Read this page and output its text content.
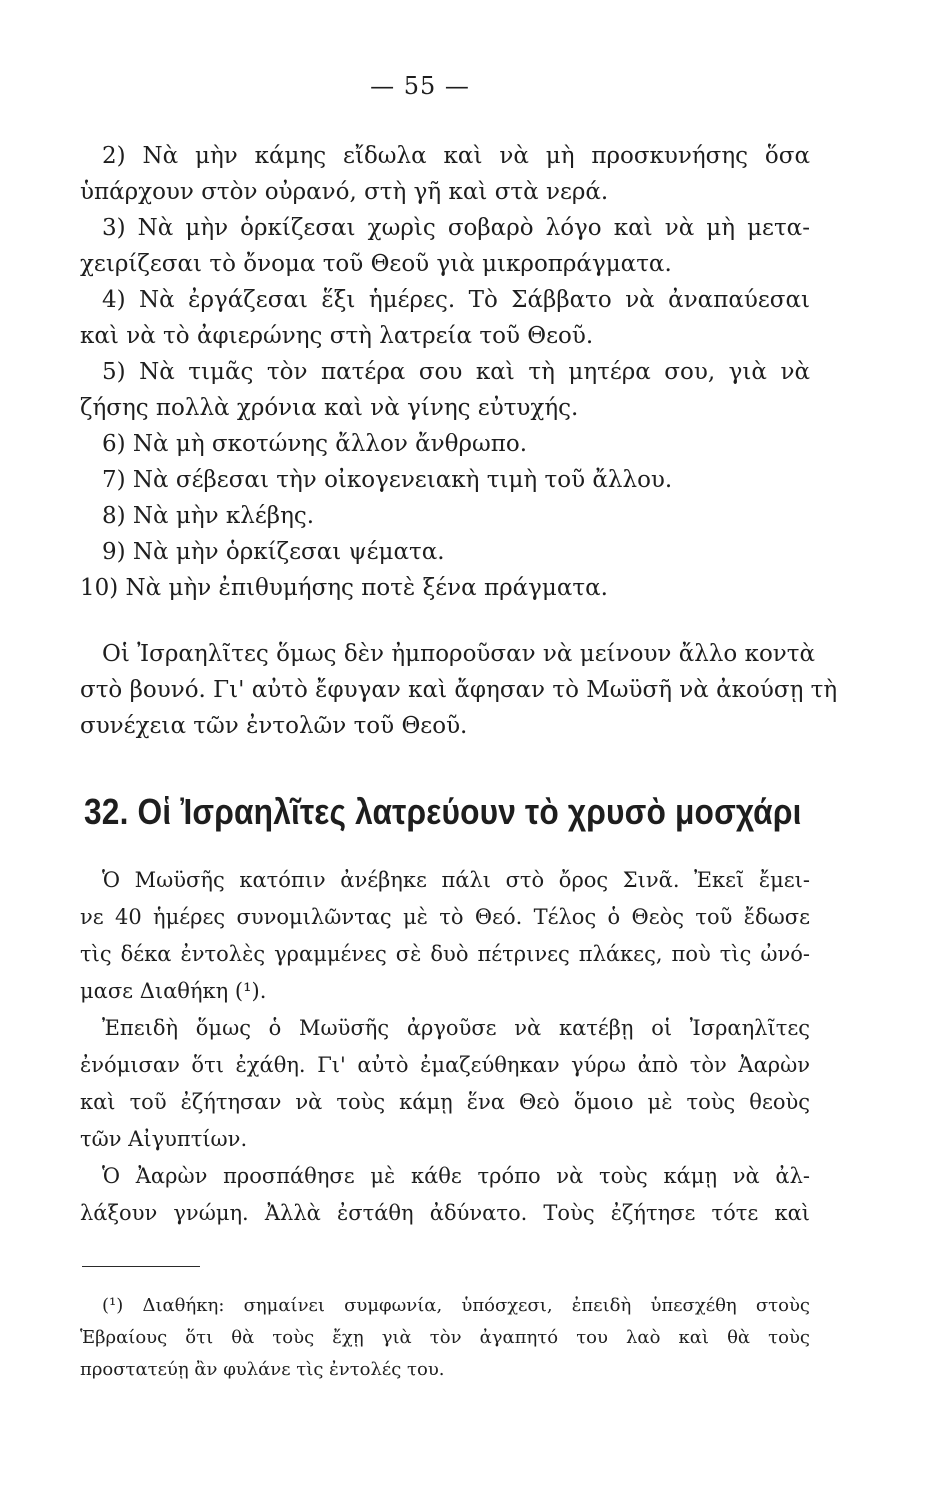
— 55 —
2) Νὰ μὴν κάμης εἴδωλα καὶ νὰ μὴ προσκυνήσης ὅσα
ὑπάρχουν στὸν οὐρανό, στὴ γῆ καὶ στὰ νερά.
3) Νὰ μὴν ὁρκίζεσαι χωρὶς σοβαρὸ λόγο καὶ νὰ μὴ μετα-
χειρίζεσαι τὸ ὄνομα τοῦ Θεοῦ γιὰ μικροπράγματα.
4) Νὰ ἐργάζεσαι ἕξι ἡμέρες. Τὸ Σάββατο νὰ ἀναπαύεσαι
καὶ νὰ τὸ ἀφιερώνης στὴ λατρεία τοῦ Θεοῦ.
5) Νὰ τιμᾶς τὸν πατέρα σου καὶ τὴ μητέρα σου, γιὰ νὰ
ζήσης πολλὰ χρόνια καὶ νὰ γίνης εὐτυχής.
6) Νὰ μὴ σκοτώνης ἄλλον ἄνθρωπο.
7) Νὰ σέβεσαι τὴν οἰκογενειακὴ τιμὴ τοῦ ἄλλου.
8) Νὰ μὴν κλέβης.
9) Νὰ μὴν ὁρκίζεσαι ψέματα.
10) Νὰ μὴν ἐπιθυμήσης ποτὲ ξένα πράγματα.
Οἱ Ἰσραηλῖτες ὅμως δὲν ἠμποροῦσαν νὰ μείνουν ἄλλο κοντὰ
στὸ βουνό. Γι' αὐτὸ ἔφυγαν καὶ ἄφησαν τὸ Μωϋσῆ νὰ ἀκούσῃ τὴ
συνέχεια τῶν ἐντολῶν τοῦ Θεοῦ.
32. Οἱ Ἰσραηλῖτες λατρεύουν τὸ χρυσὸ μοσχάρι
Ὁ Μωϋσῆς κατόπιν ἀνέβηκε πάλι στὸ ὄρος Σινᾶ. Ἐκεῖ ἔμει-
νε 40 ἡμέρες συνομιλῶντας μὲ τὸ Θεό. Τέλος ὁ Θεὸς τοῦ ἔδωσε
τὶς δέκα ἐντολὲς γραμμένες σὲ δυὸ πέτρινες πλάκες, ποὺ τὶς ὠνό-
μασε Διαθήκη (¹).
Ἐπειδὴ ὅμως ὁ Μωϋσῆς ἀργοῦσε νὰ κατέβῃ οἱ Ἰσραηλῖτες
ἐνόμισαν ὅτι ἐχάθη. Γι' αὐτὸ ἐμαζεύθηκαν γύρω ἀπὸ τὸν Ἀαρὼν
καὶ τοῦ ἐζήτησαν νὰ τοὺς κάμῃ ἕνα Θεὸ ὅμοιο μὲ τοὺς θεοὺς
τῶν Αἰγυπτίων.
Ὁ Ἀαρὼν προσπάθησε μὲ κάθε τρόπο νὰ τοὺς κάμῃ νὰ ἀλ-
λάξουν γνώμη. Ἀλλὰ ἐστάθη ἀδύνατο. Τοὺς ἐζήτησε τότε καὶ
(¹) Διαθήκη: σημαίνει συμφωνία, ὑπόσχεσι, ἐπειδὴ ὑπεσχέθη στοὺς
Ἑβραίους ὅτι θὰ τοὺς ἔχῃ γιὰ τὸν ἀγαπητό του λαὸ καὶ θὰ τοὺς
προστατεύῃ ἂν φυλάνε τὶς ἐντολές του.
